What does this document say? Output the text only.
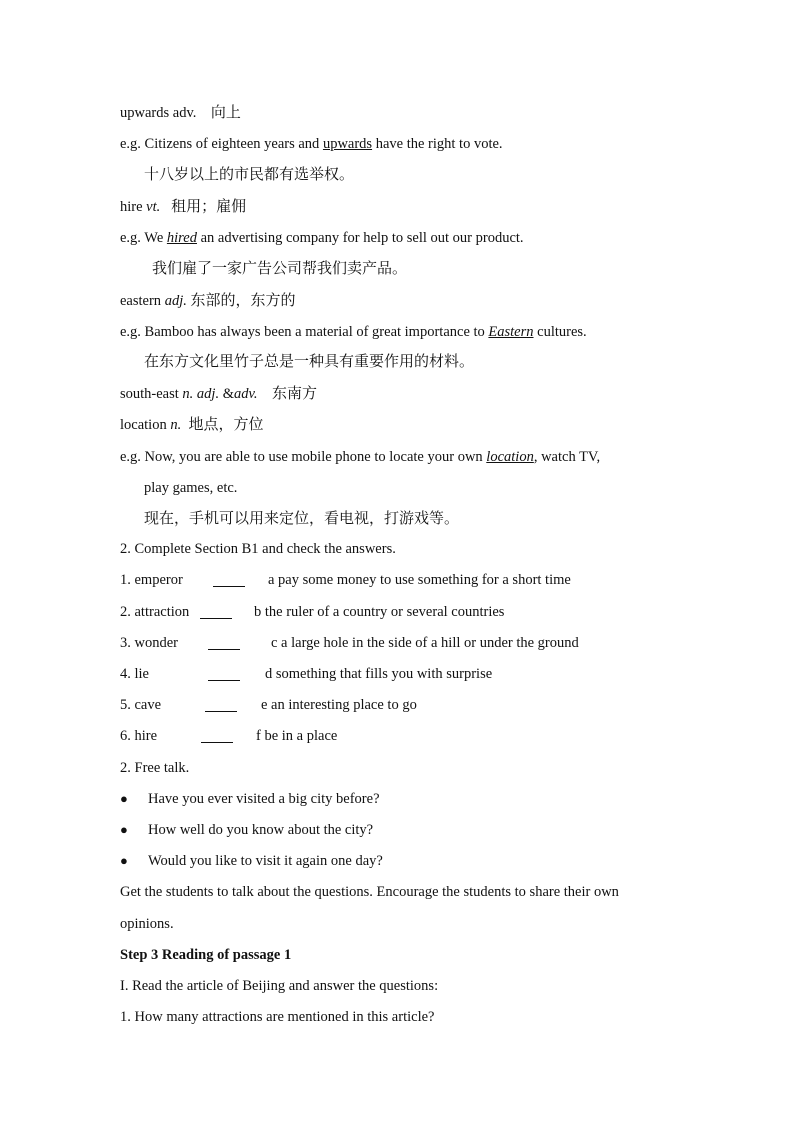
upwards adv. 向上
e.g. Citizens of eighteen years and upwards have the right to vote.
十八岁以上的市民都有选举权。
hire vt. 租用；雇佣
e.g. We hired an advertising company for help to sell out our product.
我们雇了一家广告公司帮我们卖产品。
eastern adj. 东部的，东方的
e.g. Bamboo has always been a material of great importance to Eastern cultures.
在东方文化里竹子总是一种具有重要作用的材料。
south-east n. adj. &adv. 东南方
location n. 地点，方位
e.g. Now, you are able to use mobile phone to locate your own location, watch TV,
play games, etc.
现在，手机可以用来定位，看电视，打游戏等。
2. Complete Section B1 and check the answers.
1. emperor	a pay some money to use something for a short time
2. attraction	b the ruler of a country or several countries
3. wonder	c a large hole in the side of a hill or under the ground
4. lie	d something that fills you with surprise
5. cave	e an interesting place to go
6. hire	f be in a place
2. Free talk.
● Have you ever visited a big city before?
● How well do you know about the city?
● Would you like to visit it again one day?
Get the students to talk about the questions. Encourage the students to share their own
opinions.
Step 3 Reading of passage 1
I. Read the article of Beijing and answer the questions:
1. How many attractions are mentioned in this article?
